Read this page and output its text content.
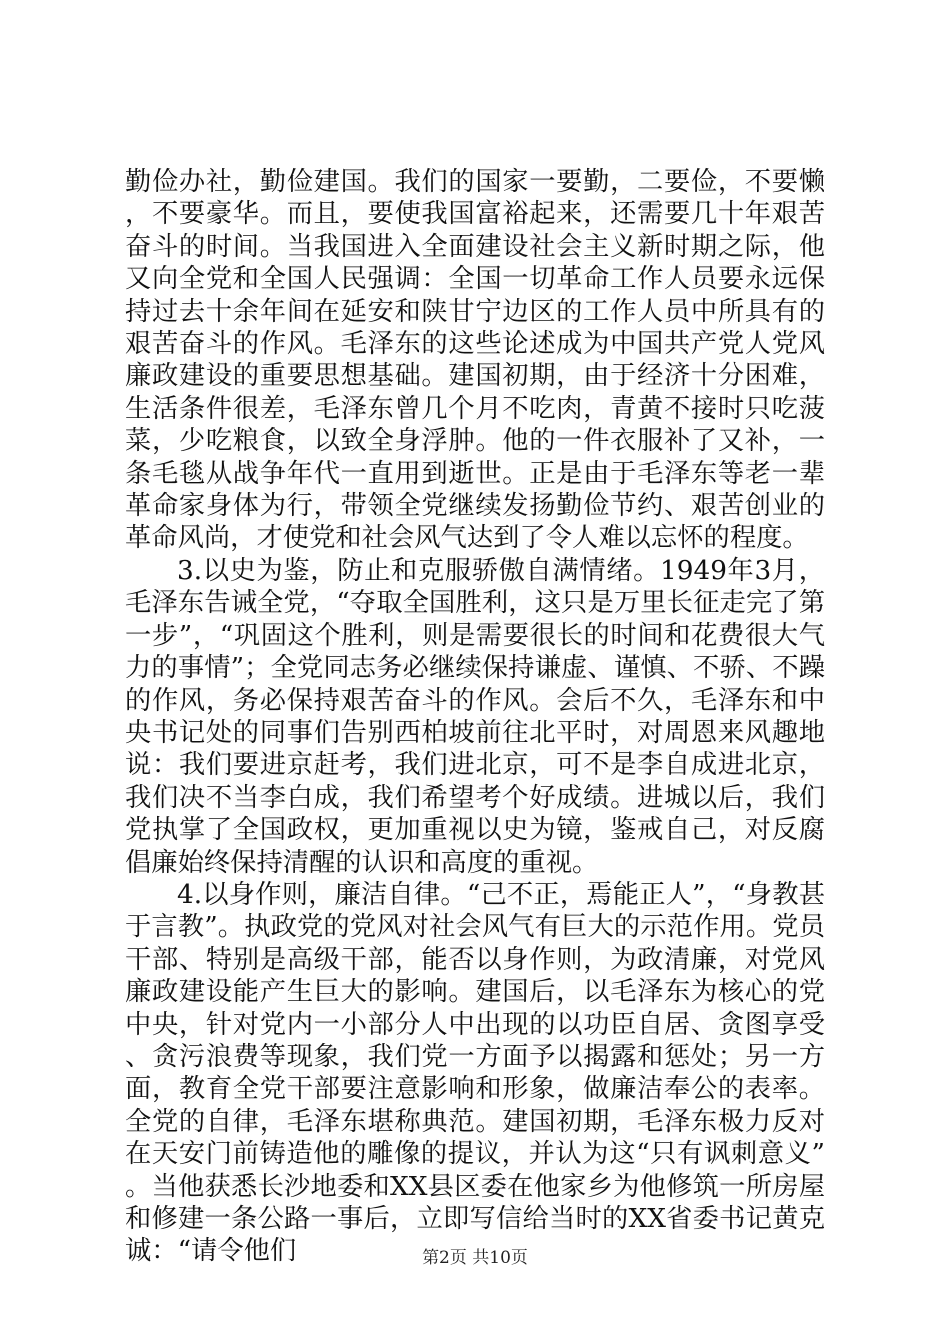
勤俭办社，勤俭建国。我们的国家一要勤，二要俭，不要懒，不要豪华。而且，要使我国富裕起来，还需要几十年艰苦奋斗的时间。当我国进入全面建设社会主义新时期之际，他又向全党和全国人民强调：全国一切革命工作人员要永远保持过去十余年间在延安和陕甘宁边区的工作人员中所具有的艰苦奋斗的作风。毛泽东的这些论述成为中国共产党人党风廉政建设的重要思想基础。建国初期，由于经济十分困难，生活条件很差，毛泽东曾几个月不吃肉，青黄不接时只吃菠菜，少吃粮食，以致全身浮肿。他的一件衣服补了又补，一条毛毯从战争年代一直用到逝世。正是由于毛泽东等老一辈革命家身体为行，带领全党继续发扬勤俭节约、艰苦创业的革命风尚，才使党和社会风气达到了令人难以忘怀的程度。

3.以史为鉴，防止和克服骄傲自满情绪。1949年3月，毛泽东告诫全党，“夺取全国胜利，这只是万里长征走完了第一步”，“巩固这个胜利，则是需要很长的时间和花费很大气力的事情”；全党同志务必继续保持谦虚、谨慎、不骄、不躁的作风，务必保持艰苦奋斗的作风。会后不久，毛泽东和中央书记处的同事们告别西柏坡前往北平时，对周恩来风趣地说：我们要进京赶考，我们进北京，可不是李自成进北京，我们决不当李白成，我们希望考个好成绩。进城以后，我们党执掌了全国政权，更加重视以史为镜，鉴戒自己，对反腐倡廉始终保持清醒的认识和高度的重视。

4.以身作则，廉洁自律。“己不正，焉能正人”，“身教甚于言教”。执政党的党风对社会风气有巨大的示范作用。党员干部、特别是高级干部，能否以身作则，为政清廉，对党风廉政建设能产生巨大的影响。建国后，以毛泽东为核心的党中央，针对党内一小部分人中出现的以功臣自居、贪图享受、贪污浪费等现象，我们党一方面予以揭露和惩处；另一方面，教育全党干部要注意影响和形象，做廉洁奉公的表率。全党的自律，毛泽东堪称典范。建国初期，毛泽东极力反对在天安门前铸造他的雕像的提议，并认为这“只有讽刺意义”。当他获悉长沙地委和XX县区委在他家乡为他修筑一所房屋和修建一条公路一事后，立即写信给当时的XX省委书记黄克诚：“请令他们	第2页 共10页
